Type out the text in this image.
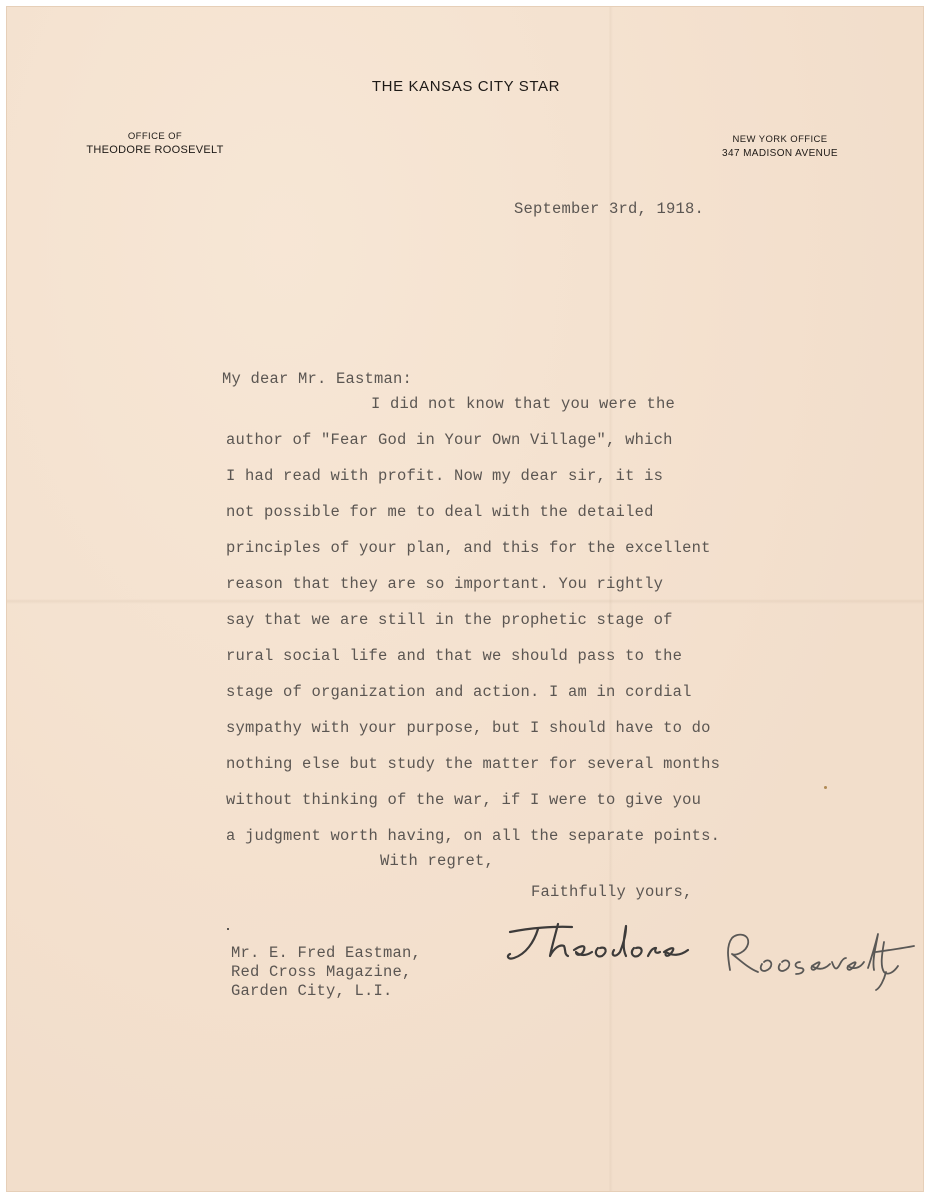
THE KANSAS CITY STAR
OFFICE OF
THEODORE ROOSEVELT
NEW YORK OFFICE
347 MADISON AVENUE
September 3rd, 1918.
My dear Mr. Eastman:
I did not know that you were the
author of "Fear God in Your Own Village", which
I had read with profit. Now my dear sir, it is
not possible for me to deal with the detailed
principles of your plan, and this for the excellent
reason that they are so important. You rightly
say that we are still in the prophetic stage of
rural social life and that we should pass to the
stage of organization and action. I am in cordial
sympathy with your purpose, but I should have to do
nothing else but study the matter for several months
without thinking of the war, if I were to give you
a judgment worth having, on all the separate points.
With regret,
Faithfully yours,
Mr. E. Fred Eastman,
Red Cross Magazine,
Garden City, L.I.
